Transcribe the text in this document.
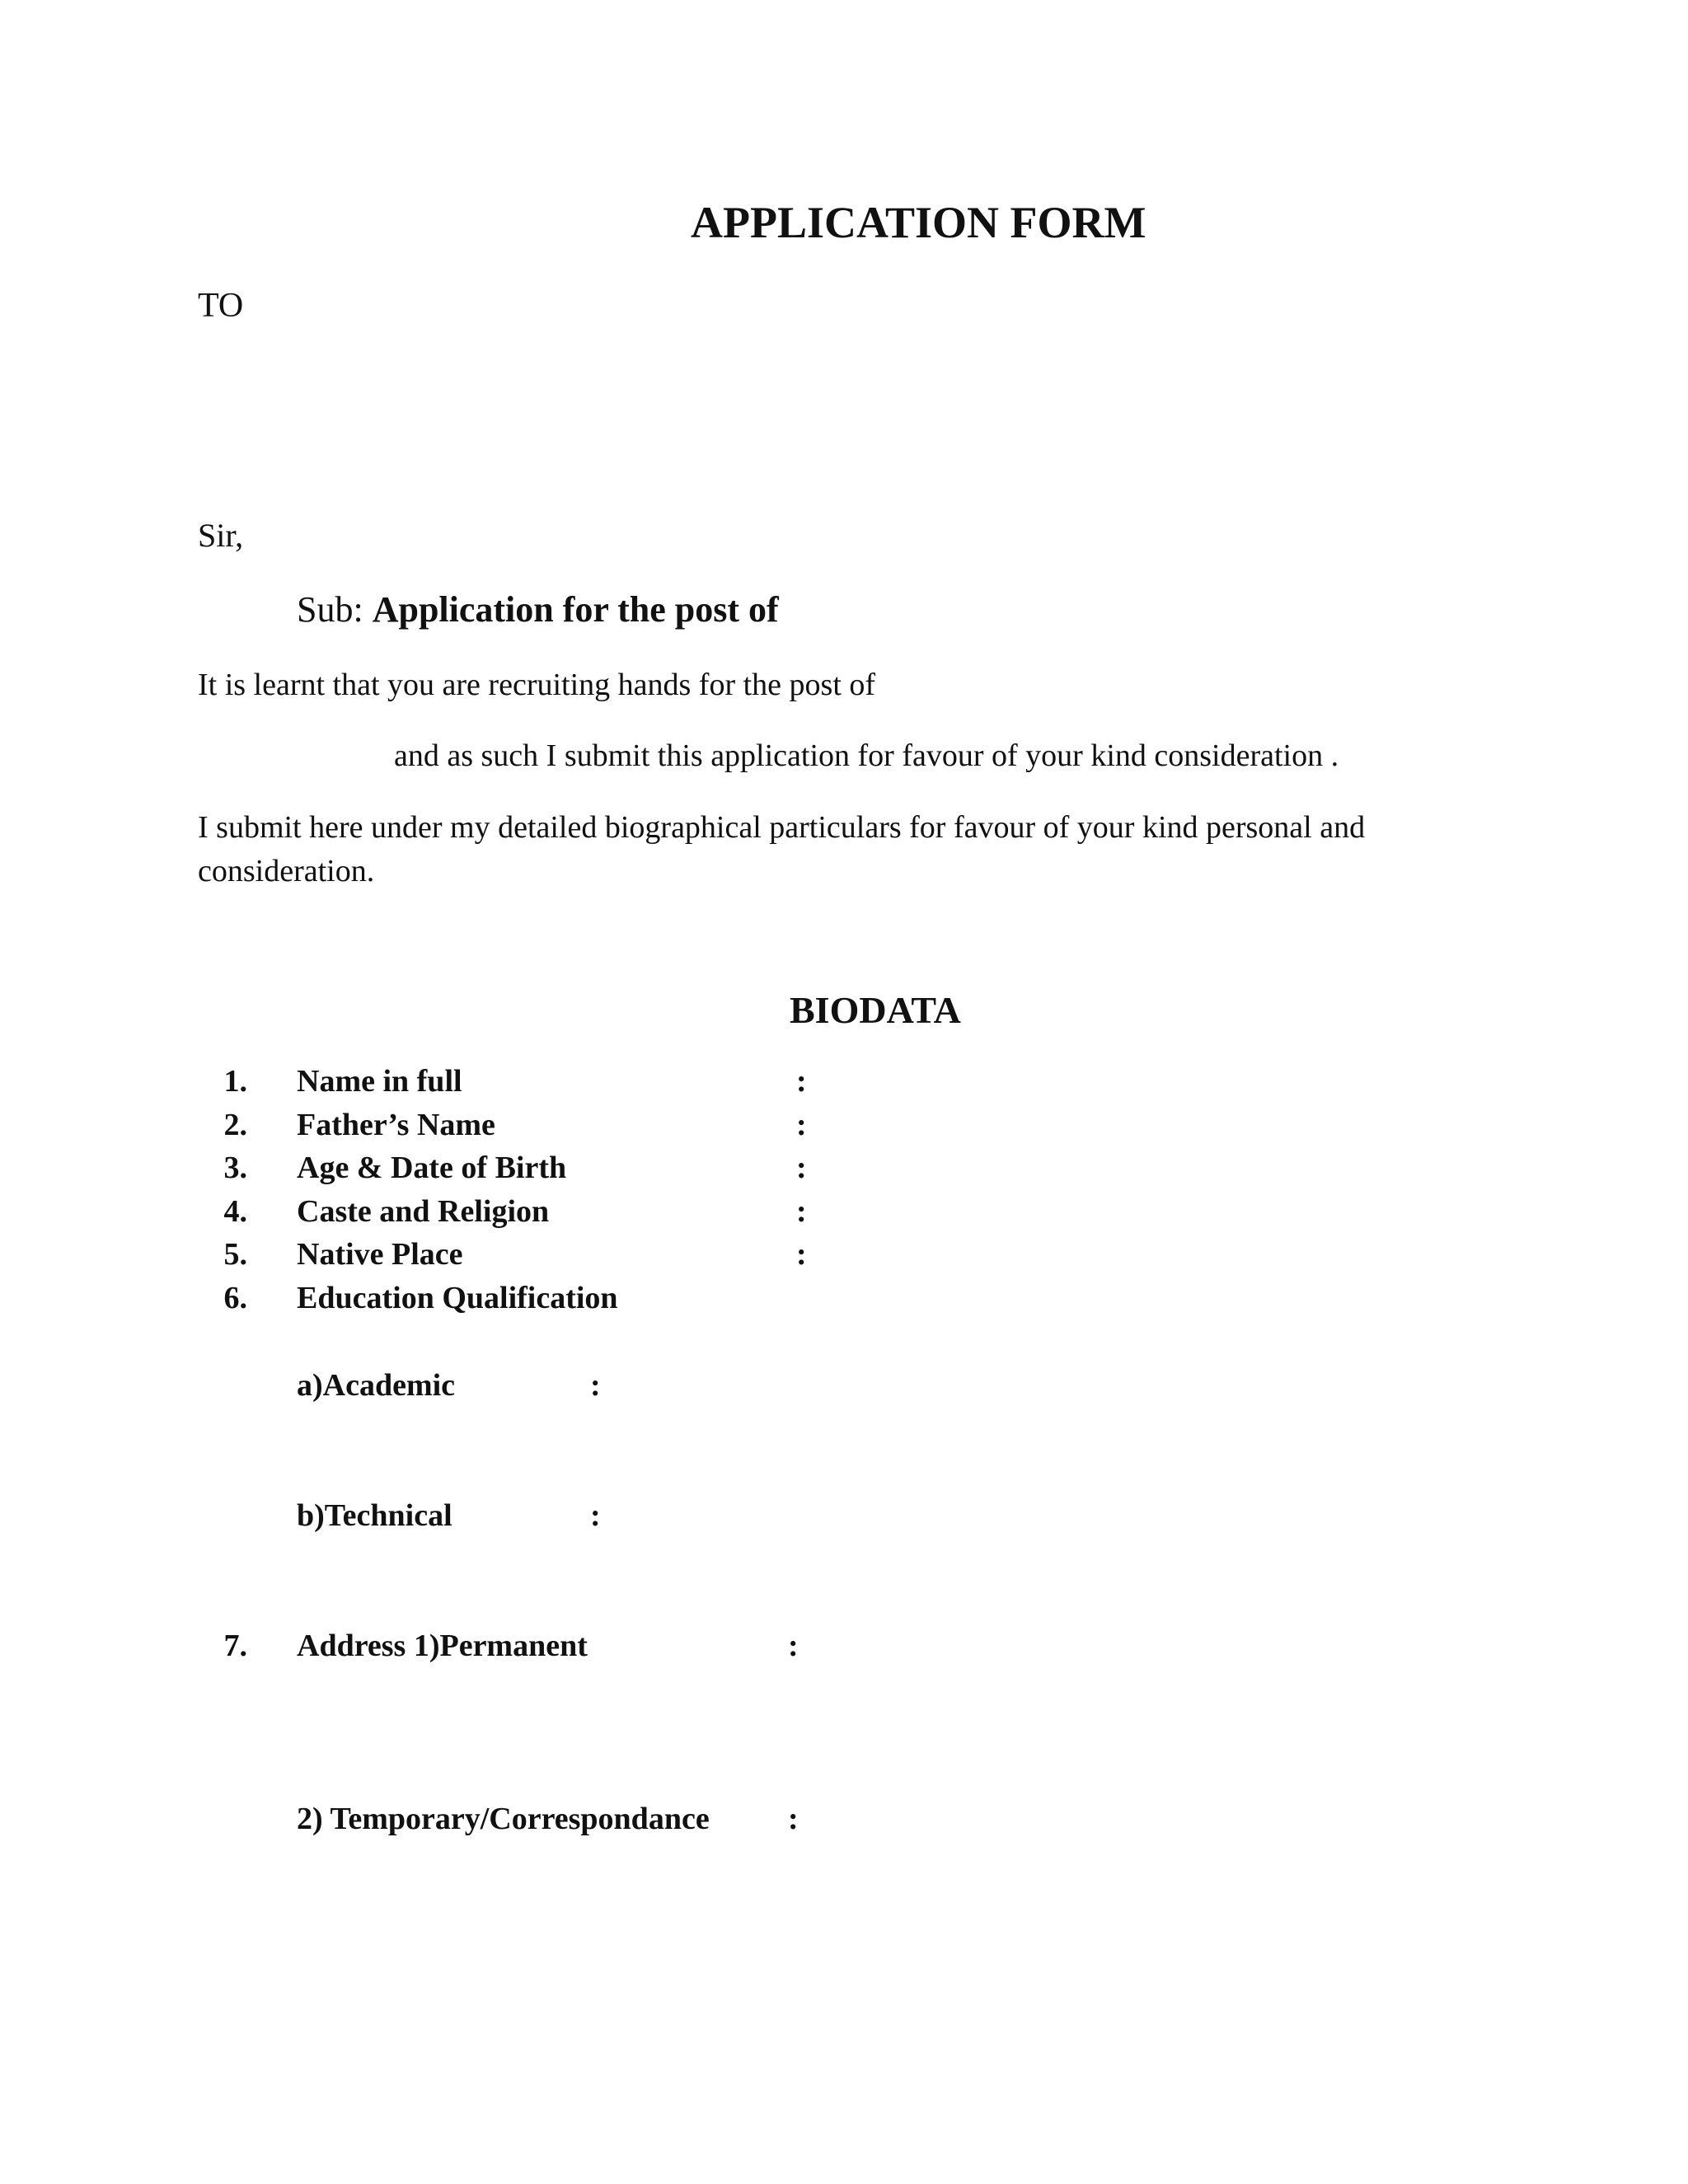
APPLICATION FORM
TO
Sir,
Sub: Application for the post of
It is learnt that you are recruiting hands for the post of
and as such I submit this application for favour of your kind consideration .
I submit here under my detailed biographical particulars for favour of your kind personal and
consideration.
BIODATA
1. Name in full	:
2. Father’s Name	:
3. Age & Date of Birth	:
4. Caste and Religion	:
5. Native Place	:
6. Education Qualification
a)Academic	:
b)Technical	:
7. Address 1)Permanent	:
2) Temporary/Correspondance	:
